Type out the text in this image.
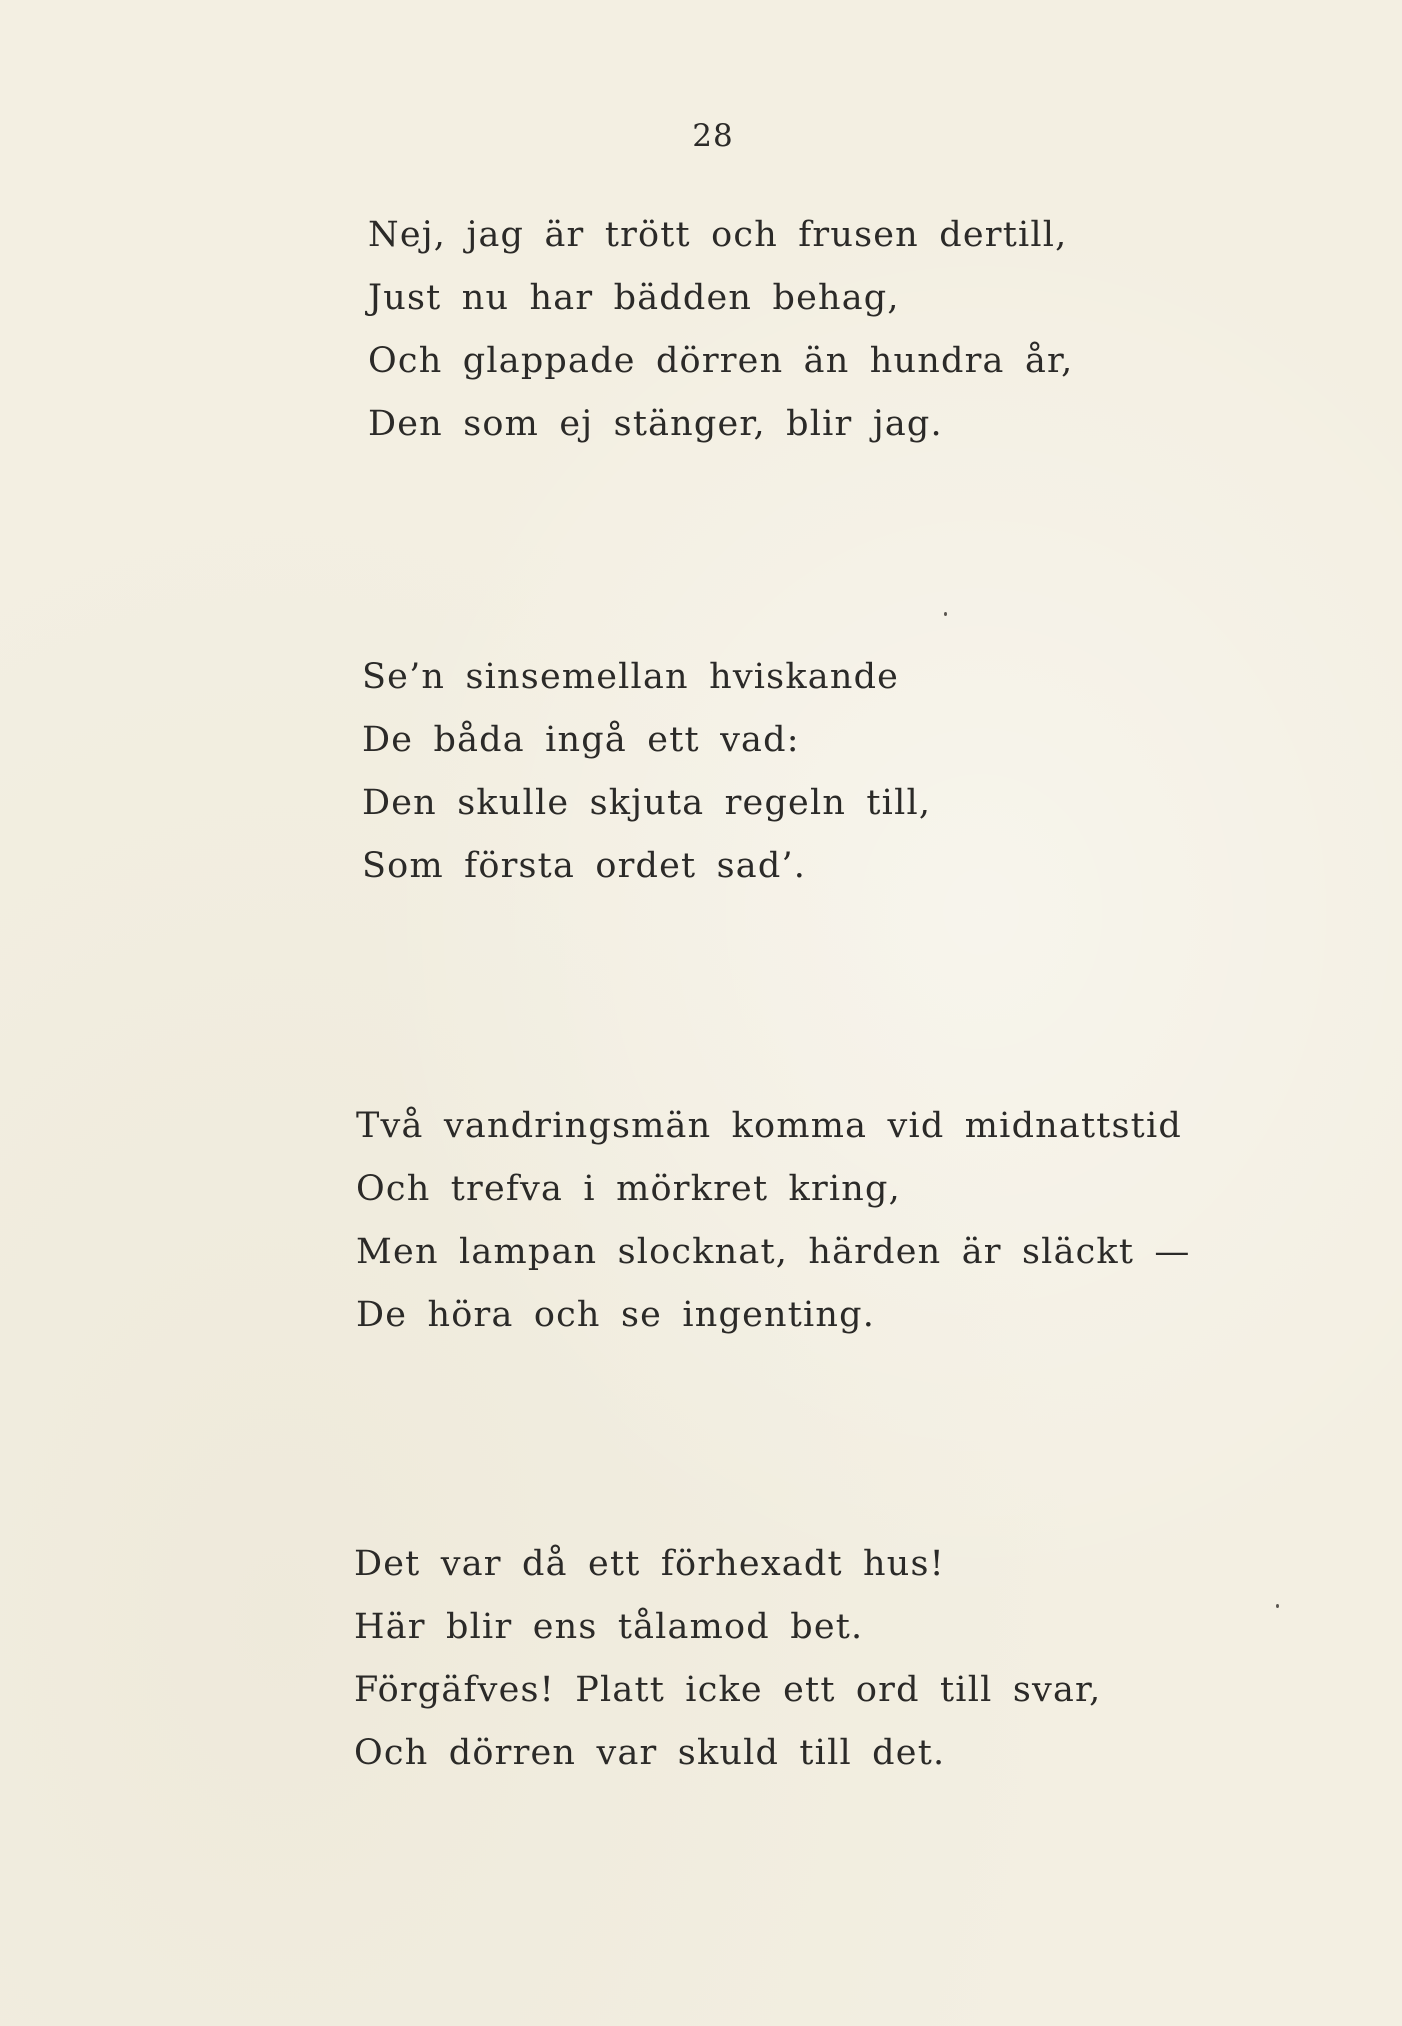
28
Nej, jag är trött och frusen dertill,
Just nu har bädden behag,
Och glappade dörren än hundra år,
Den som ej stänger, blir jag.
Se’n sinsemellan hviskande
De båda ingå ett vad:
Den skulle skjuta regeln till,
Som första ordet sad’.
Två vandringsmän komma vid midnattstid
Och trefva i mörkret kring,
Men lampan slocknat, härden är släckt —
De höra och se ingenting.
Det var då ett förhexadt hus!
Här blir ens tålamod bet.
Förgäfves! Platt icke ett ord till svar,
Och dörren var skuld till det.
